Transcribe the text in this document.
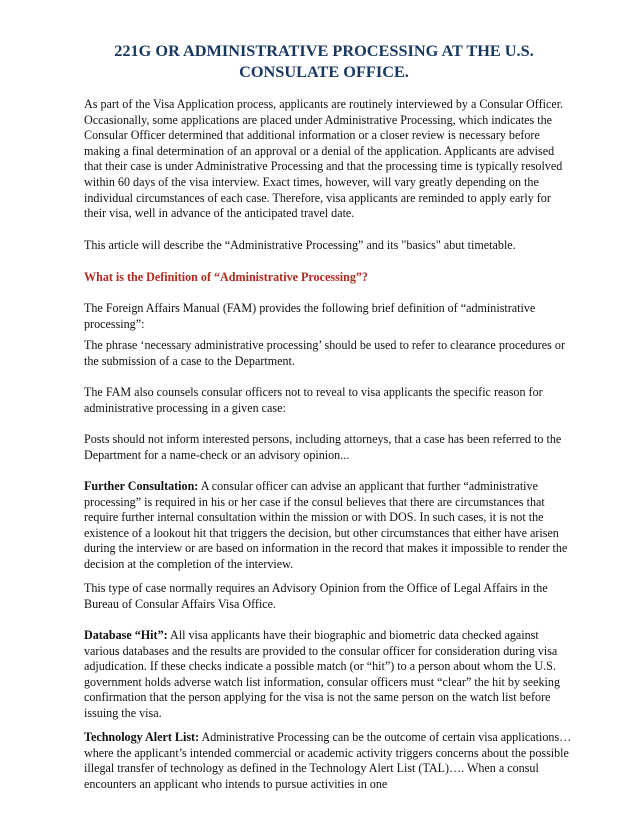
221G OR ADMINISTRATIVE PROCESSING AT THE U.S. CONSULATE OFFICE.

As part of the Visa Application process, applicants are routinely interviewed by a Consular Officer. Occasionally, some applications are placed under Administrative Processing, which indicates the Consular Officer determined that additional information or a closer review is necessary before making a final determination of an approval or a denial of the application. Applicants are advised that their case is under Administrative Processing and that the processing time is typically resolved within 60 days of the visa interview. Exact times, however, will vary greatly depending on the individual circumstances of each case. Therefore, visa applicants are reminded to apply early for their visa, well in advance of the anticipated travel date.

This article will describe the “Administrative Processing” and its "basics" abut timetable.

What is the Definition of “Administrative Processing”?

The Foreign Affairs Manual (FAM) provides the following brief definition of “administrative processing”:

The phrase ‘necessary administrative processing’ should be used to refer to clearance procedures or the submission of a case to the Department.

The FAM also counsels consular officers not to reveal to visa applicants the specific reason for administrative processing in a given case:

Posts should not inform interested persons, including attorneys, that a case has been referred to the Department for a name-check or an advisory opinion...

Further Consultation: A consular officer can advise an applicant that further “administrative processing” is required in his or her case if the consul believes that there are circumstances that require further internal consultation within the mission or with DOS. In such cases, it is not the existence of a lookout hit that triggers the decision, but other circumstances that either have arisen during the interview or are based on information in the record that makes it impossible to render the decision at the completion of the interview.

This type of case normally requires an Advisory Opinion from the Office of Legal Affairs in the Bureau of Consular Affairs Visa Office.

Database “Hit”: All visa applicants have their biographic and biometric data checked against various databases and the results are provided to the consular officer for consideration during visa adjudication. If these checks indicate a possible match (or “hit”) to a person about whom the U.S. government holds adverse watch list information, consular officers must “clear” the hit by seeking confirmation that the person applying for the visa is not the same person on the watch list before issuing the visa.

Technology Alert List: Administrative Processing can be the outcome of certain visa applications…where the applicant’s intended commercial or academic activity triggers concerns about the possible illegal transfer of technology as defined in the Technology Alert List (TAL)…. When a consul encounters an applicant who intends to pursue activities in one
